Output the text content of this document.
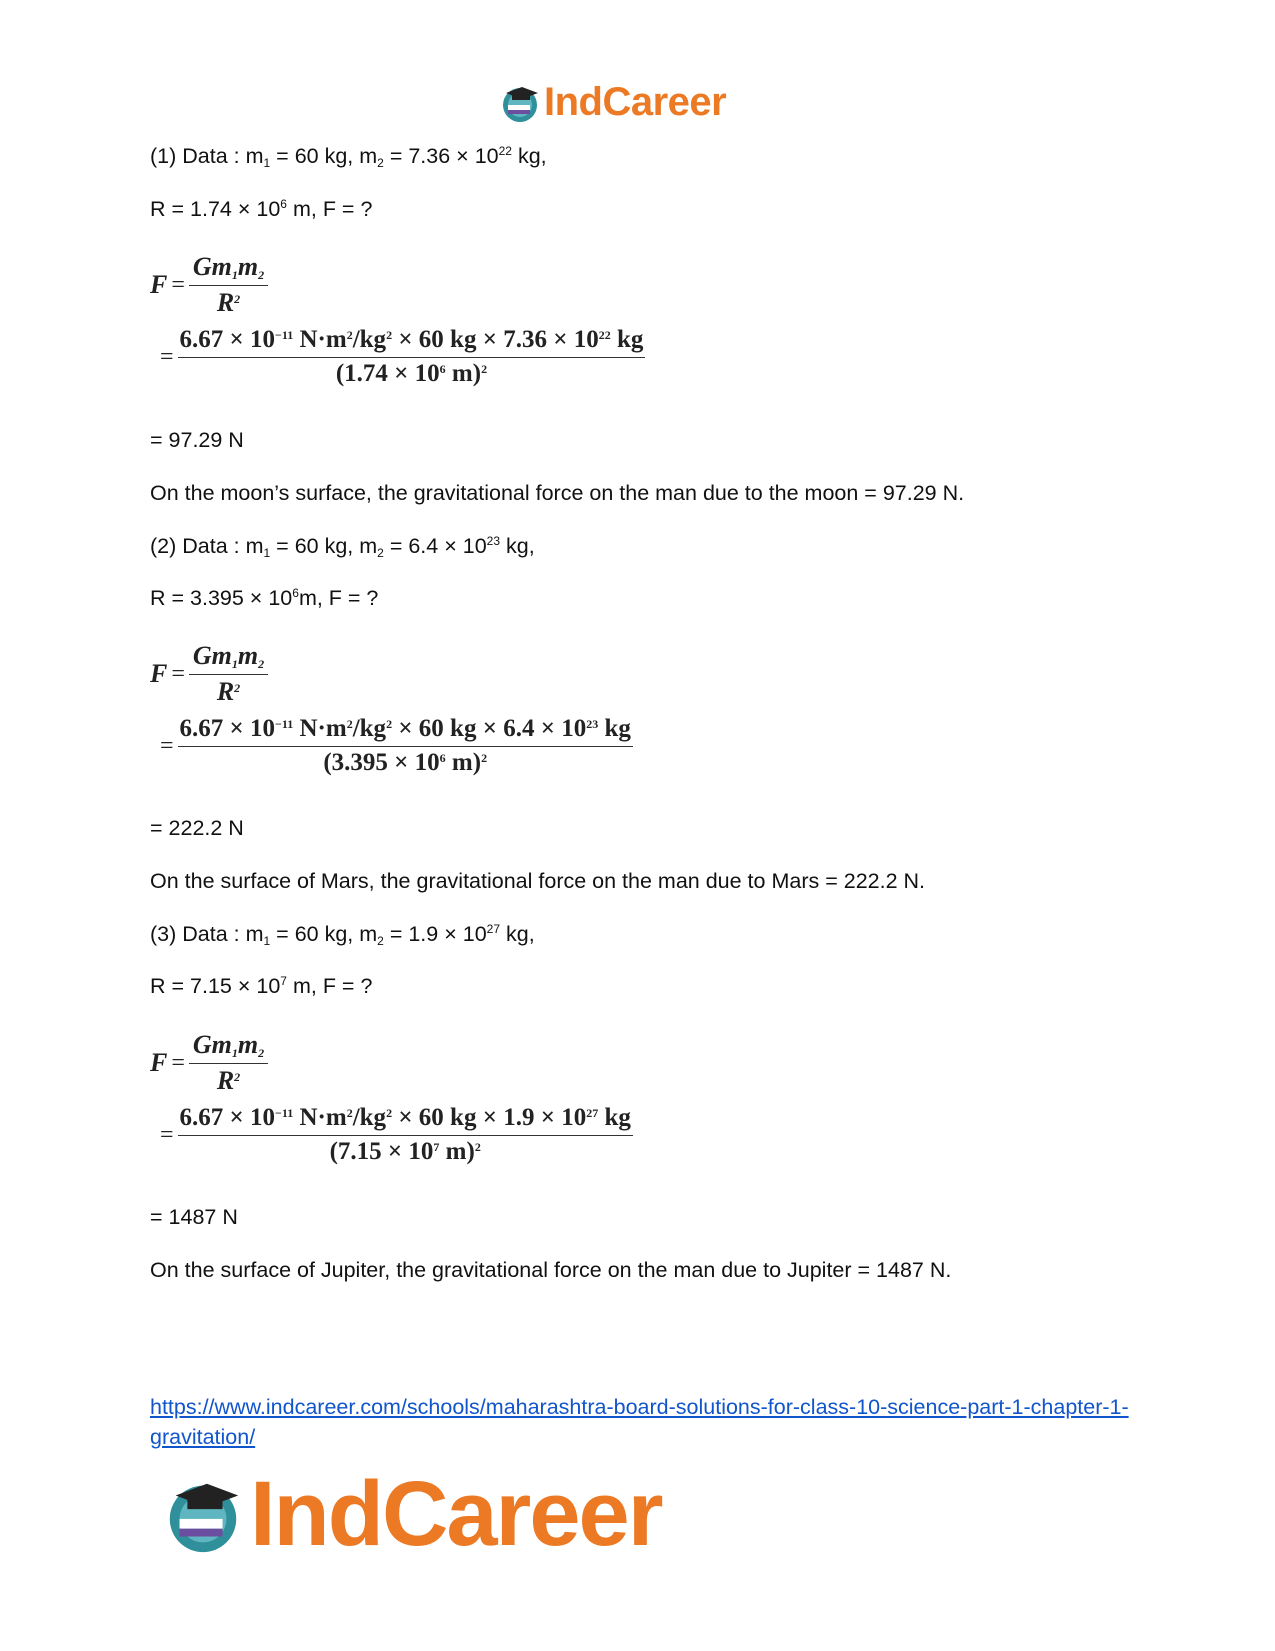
IndCareer
(1) Data : $m_1 = 60$ kg, $m_2 = 7.36 \times 10^{22}$ kg,
$R = 1.74 \times 10^6$ m, F = ?
$F = \frac{Gm_1m_2}{R^2}$
= $\frac{6.67 \times 10^{-11} N\cdot m^2/kg^2 \times 60 kg \times 7.36 \times 10^{22} kg}{(1.74 \times 10^6 m)^2}$
= 97.29 N
On the moon’s surface, the gravitational force on the man due to the moon = 97.29 N.
(2) Data : $m_1 = 60$ kg, $m_2 = 6.4 \times 10^{23}$ kg,
$R = 3.395 \times 10^6m$, F = ?
$F = \frac{Gm_1m_2}{R^2}$
= $\frac{6.67 \times 10^{-11} N\cdot m^2/kg^2 \times 60 kg \times 6.4 \times 10^{23} kg}{(3.395 \times 10^6 m)^2}$
= 222.2 N
On the surface of Mars, the gravitational force on the man due to Mars = 222.2 N.
(3) Data : $m_1 = 60$ kg, $m_2 = 1.9 \times 10^{27}$ kg,
$R = 7.15 \times 10^7$ m, F = ?
$F = \frac{Gm_1m_2}{R^2}$
= $\frac{6.67 \times 10^{-11} N\cdot m^2/kg^2 \times 60 kg \times 1.9 \times 10^{27} kg}{(7.15 \times 10^7 m)^2}$
= 1487 N
On the surface of Jupiter, the gravitational force on the man due to Jupiter = 1487 N.
https://www.indcareer.com/schools/maharashtra-board-solutions-for-class-10-science-part-1-chapter-1-gravitation/
IndCareer
